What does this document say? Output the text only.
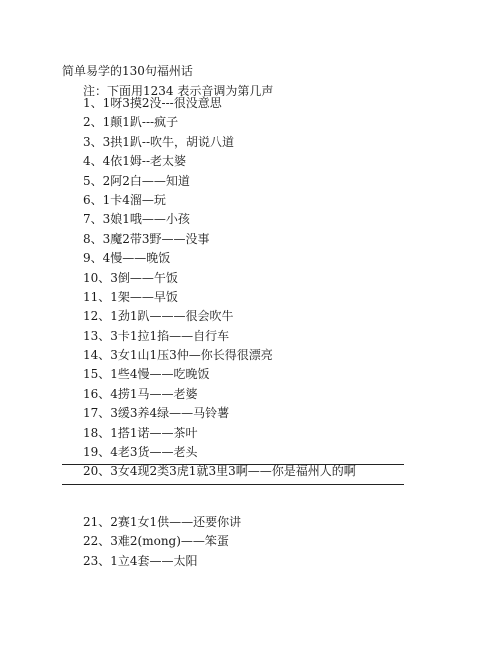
简单易学的130句福州话
注：下面用1234 表示音调为第几声
1、1呀3摸2没---很没意思
2、1颠1趴---疯子
3、3拱1趴--吹牛，胡说八道
4、4依1姆--老太婆
5、2阿2白——知道
6、1卡4溜—玩
7、3娘1哦——小孩
8、3魔2带3野——没事
9、4慢——晚饭
10、3倒——午饭
11、1架——早饭
12、1劲1趴———很会吹牛
13、3卡1拉1掐——自行车
14、3女1山1压3仲—你长得很漂亮
15、1些4慢——吃晚饭
16、4捞1马——老婆
17、3缓3养4绿——马铃薯
18、1搭1诺——茶叶
19、4老3货——老头
20、3女4现2类3虎1就3里3啊——你是福州人的啊
21、2赛1女1供——还要你讲
22、3难2(mong)——笨蛋
23、1立4套——太阳
